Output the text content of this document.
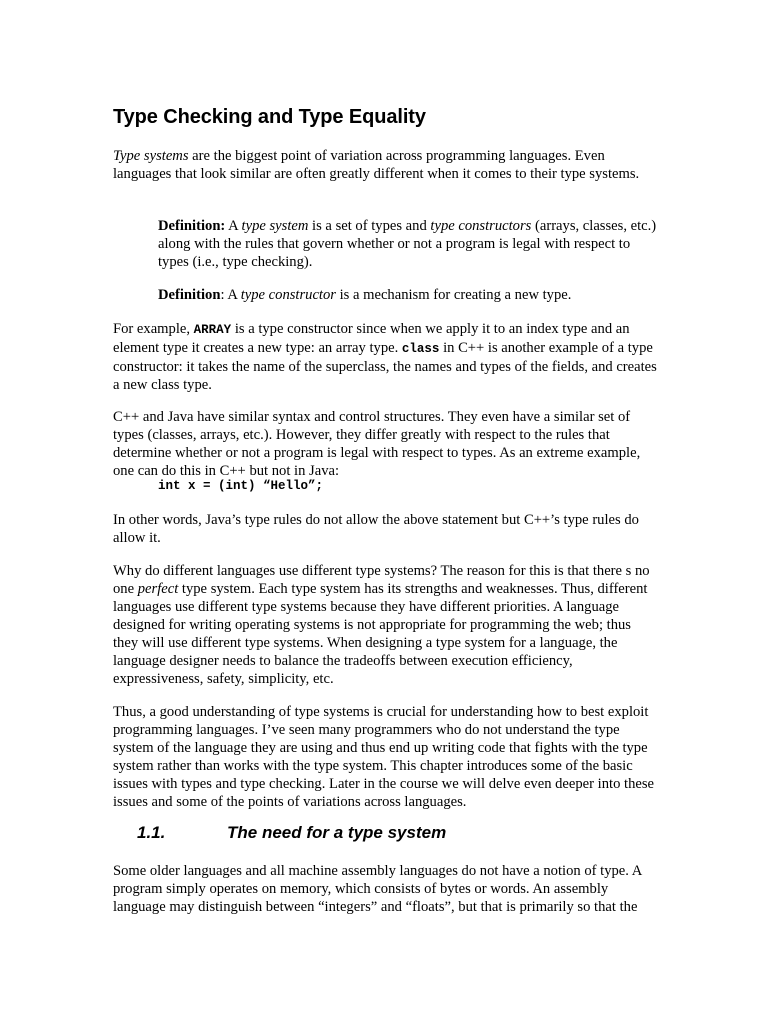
Type Checking and Type Equality

Type systems are the biggest point of variation across programming languages. Even languages that look similar are often greatly different when it comes to their type systems.

Definition: A type system is a set of types and type constructors (arrays, classes, etc.) along with the rules that govern whether or not a program is legal with respect to types (i.e., type checking).

Definition: A type constructor is a mechanism for creating a new type.

For example, ARRAY is a type constructor since when we apply it to an index type and an element type it creates a new type: an array type. class in C++ is another example of a type constructor: it takes the name of the superclass, the names and types of the fields, and creates a new class type.

C++ and Java have similar syntax and control structures. They even have a similar set of types (classes, arrays, etc.). However, they differ greatly with respect to the rules that determine whether or not a program is legal with respect to types. As an extreme example, one can do this in C++ but not in Java:

int x = (int) “Hello”;

In other words, Java’s type rules do not allow the above statement but C++’s type rules do allow it.

Why do different languages use different type systems? The reason for this is that there s no one perfect type system. Each type system has its strengths and weaknesses. Thus, different languages use different type systems because they have different priorities. A language designed for writing operating systems is not appropriate for programming the web; thus they will use different type systems. When designing a type system for a language, the language designer needs to balance the tradeoffs between execution efficiency, expressiveness, safety, simplicity, etc.

Thus, a good understanding of type systems is crucial for understanding how to best exploit programming languages. I’ve seen many programmers who do not understand the type system of the language they are using and thus end up writing code that fights with the type system rather than works with the type system. This chapter introduces some of the basic issues with types and type checking. Later in the course we will delve even deeper into these issues and some of the points of variations across languages.

1.1.	The need for a type system

Some older languages and all machine assembly languages do not have a notion of type. A program simply operates on memory, which consists of bytes or words. An assembly language may distinguish between “integers” and “floats”, but that is primarily so that the
